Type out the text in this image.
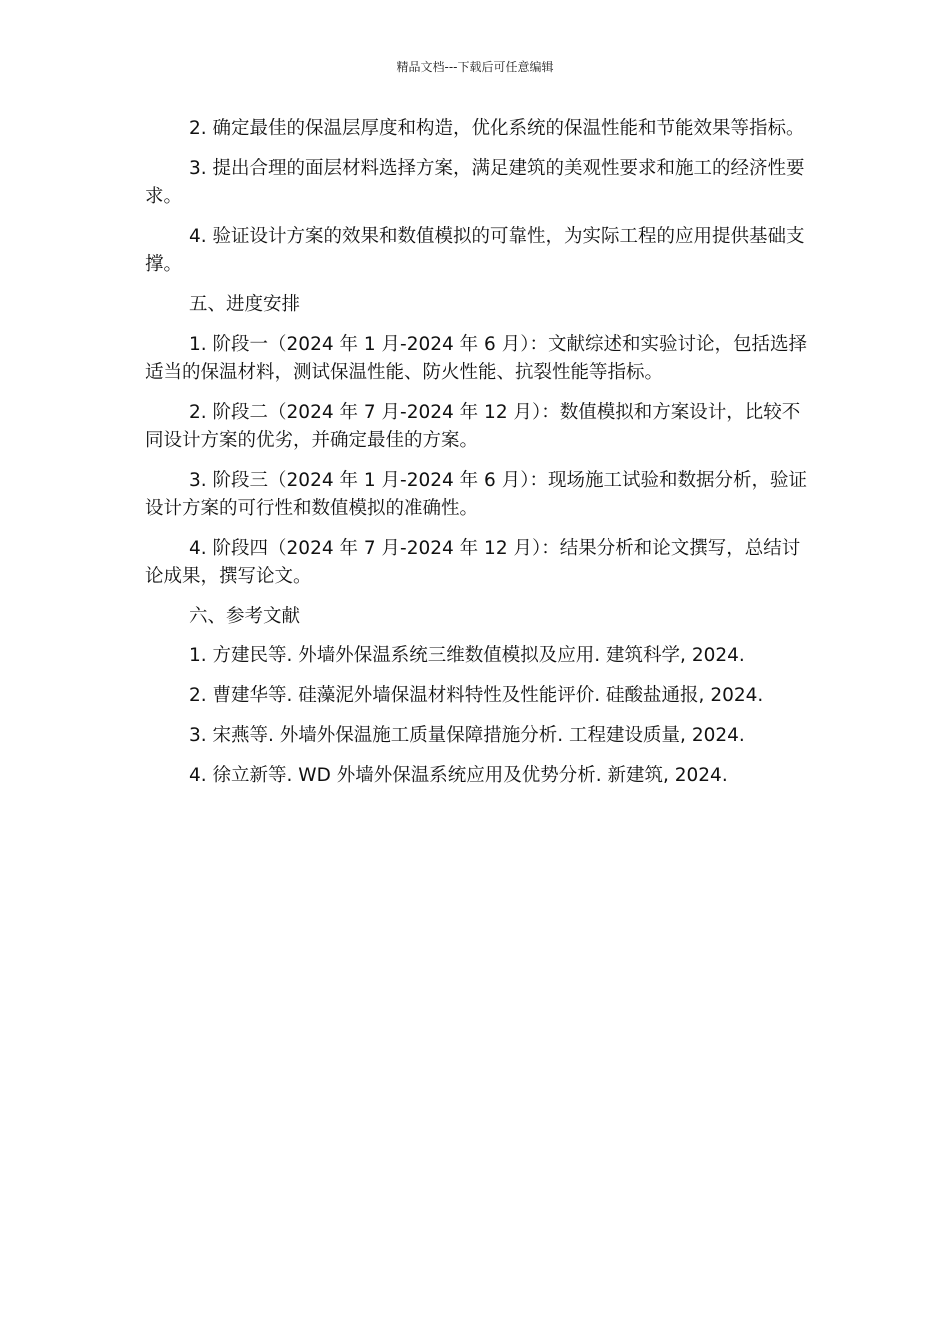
精品文档---下载后可任意编辑

2. 确定最佳的保温层厚度和构造，优化系统的保温性能和节能效果等指标。

3. 提出合理的面层材料选择方案，满足建筑的美观性要求和施工的经济性要求。

4. 验证设计方案的效果和数值模拟的可靠性，为实际工程的应用提供基础支撑。

五、进度安排

1. 阶段一（2024 年 1 月-2024 年 6 月）：文献综述和实验讨论，包括选择适当的保温材料，测试保温性能、防火性能、抗裂性能等指标。

2. 阶段二（2024 年 7 月-2024 年 12 月）：数值模拟和方案设计，比较不同设计方案的优劣，并确定最佳的方案。

3. 阶段三（2024 年 1 月-2024 年 6 月）：现场施工试验和数据分析，验证设计方案的可行性和数值模拟的准确性。

4. 阶段四（2024 年 7 月-2024 年 12 月）：结果分析和论文撰写，总结讨论成果，撰写论文。

六、参考文献

1. 方建民等. 外墙外保温系统三维数值模拟及应用. 建筑科学, 2024.

2. 曹建华等. 硅藻泥外墙保温材料特性及性能评价. 硅酸盐通报, 2024.

3. 宋燕等. 外墙外保温施工质量保障措施分析. 工程建设质量, 2024.

4. 徐立新等. WD 外墙外保温系统应用及优势分析. 新建筑, 2024.
